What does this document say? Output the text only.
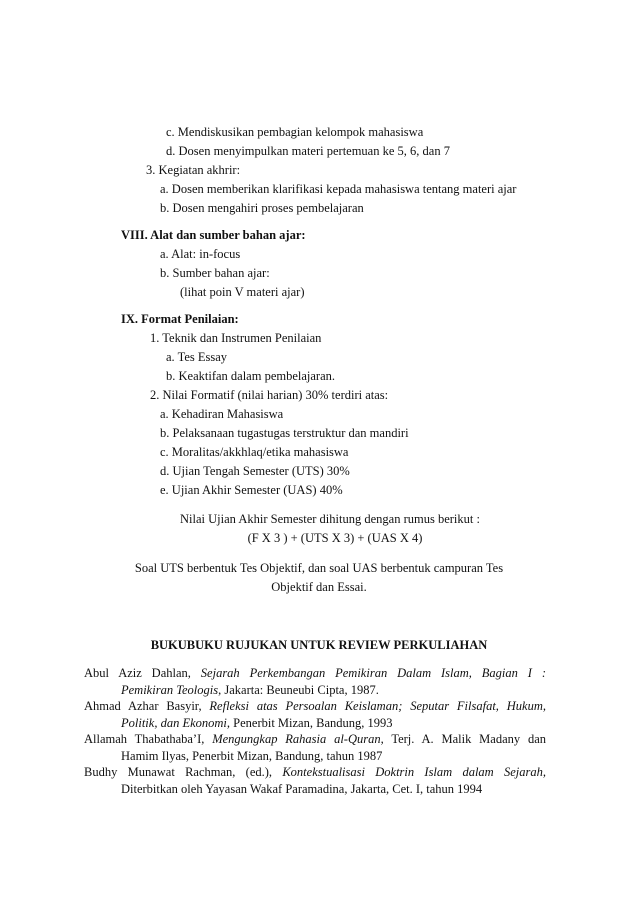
c. Mendiskusikan pembagian kelompok mahasiswa
d. Dosen menyimpulkan materi pertemuan ke 5, 6, dan 7
3. Kegiatan akhrir:
a. Dosen memberikan klarifikasi kepada mahasiswa tentang materi ajar
b. Dosen mengahiri proses pembelajaran
VIII. Alat dan sumber bahan ajar:
a. Alat: in-focus
b. Sumber bahan ajar:
(lihat poin V materi ajar)
IX. Format Penilaian:
1. Teknik dan Instrumen Penilaian
a. Tes Essay
b. Keaktifan dalam pembelajaran.
2. Nilai Formatif (nilai harian) 30% terdiri atas:
a. Kehadiran Mahasiswa
b. Pelaksanaan tugastugas terstruktur dan mandiri
c. Moralitas/akkhlaq/etika mahasiswa
d. Ujian Tengah Semester (UTS) 30%
e. Ujian Akhir Semester (UAS) 40%
Nilai Ujian Akhir Semester dihitung dengan rumus berikut :
(F X 3 ) + (UTS X 3) + (UAS X 4)
Soal UTS berbentuk Tes Objektif, dan soal UAS berbentuk campuran Tes
Objektif dan Essai.
BUKUBUKU RUJUKAN UNTUK REVIEW PERKULIAHAN
Abul Aziz Dahlan, Sejarah Perkembangan Pemikiran Dalam Islam, Bagian I :
Pemikiran Teologis, Jakarta: Beuneubi Cipta, 1987.
Ahmad Azhar Basyir, Refleksi atas Persoalan Keislaman; Seputar Filsafat, Hukum,
Politik, dan Ekonomi, Penerbit Mizan, Bandung, 1993
Allamah Thabathaba’I, Mengungkap Rahasia al-Quran, Terj. A. Malik Madany dan
Hamim Ilyas, Penerbit Mizan, Bandung, tahun 1987
Budhy Munawat Rachman, (ed.), Kontekstualisasi Doktrin Islam dalam Sejarah,
Diterbitkan oleh Yayasan Wakaf Paramadina, Jakarta, Cet. I, tahun 1994
